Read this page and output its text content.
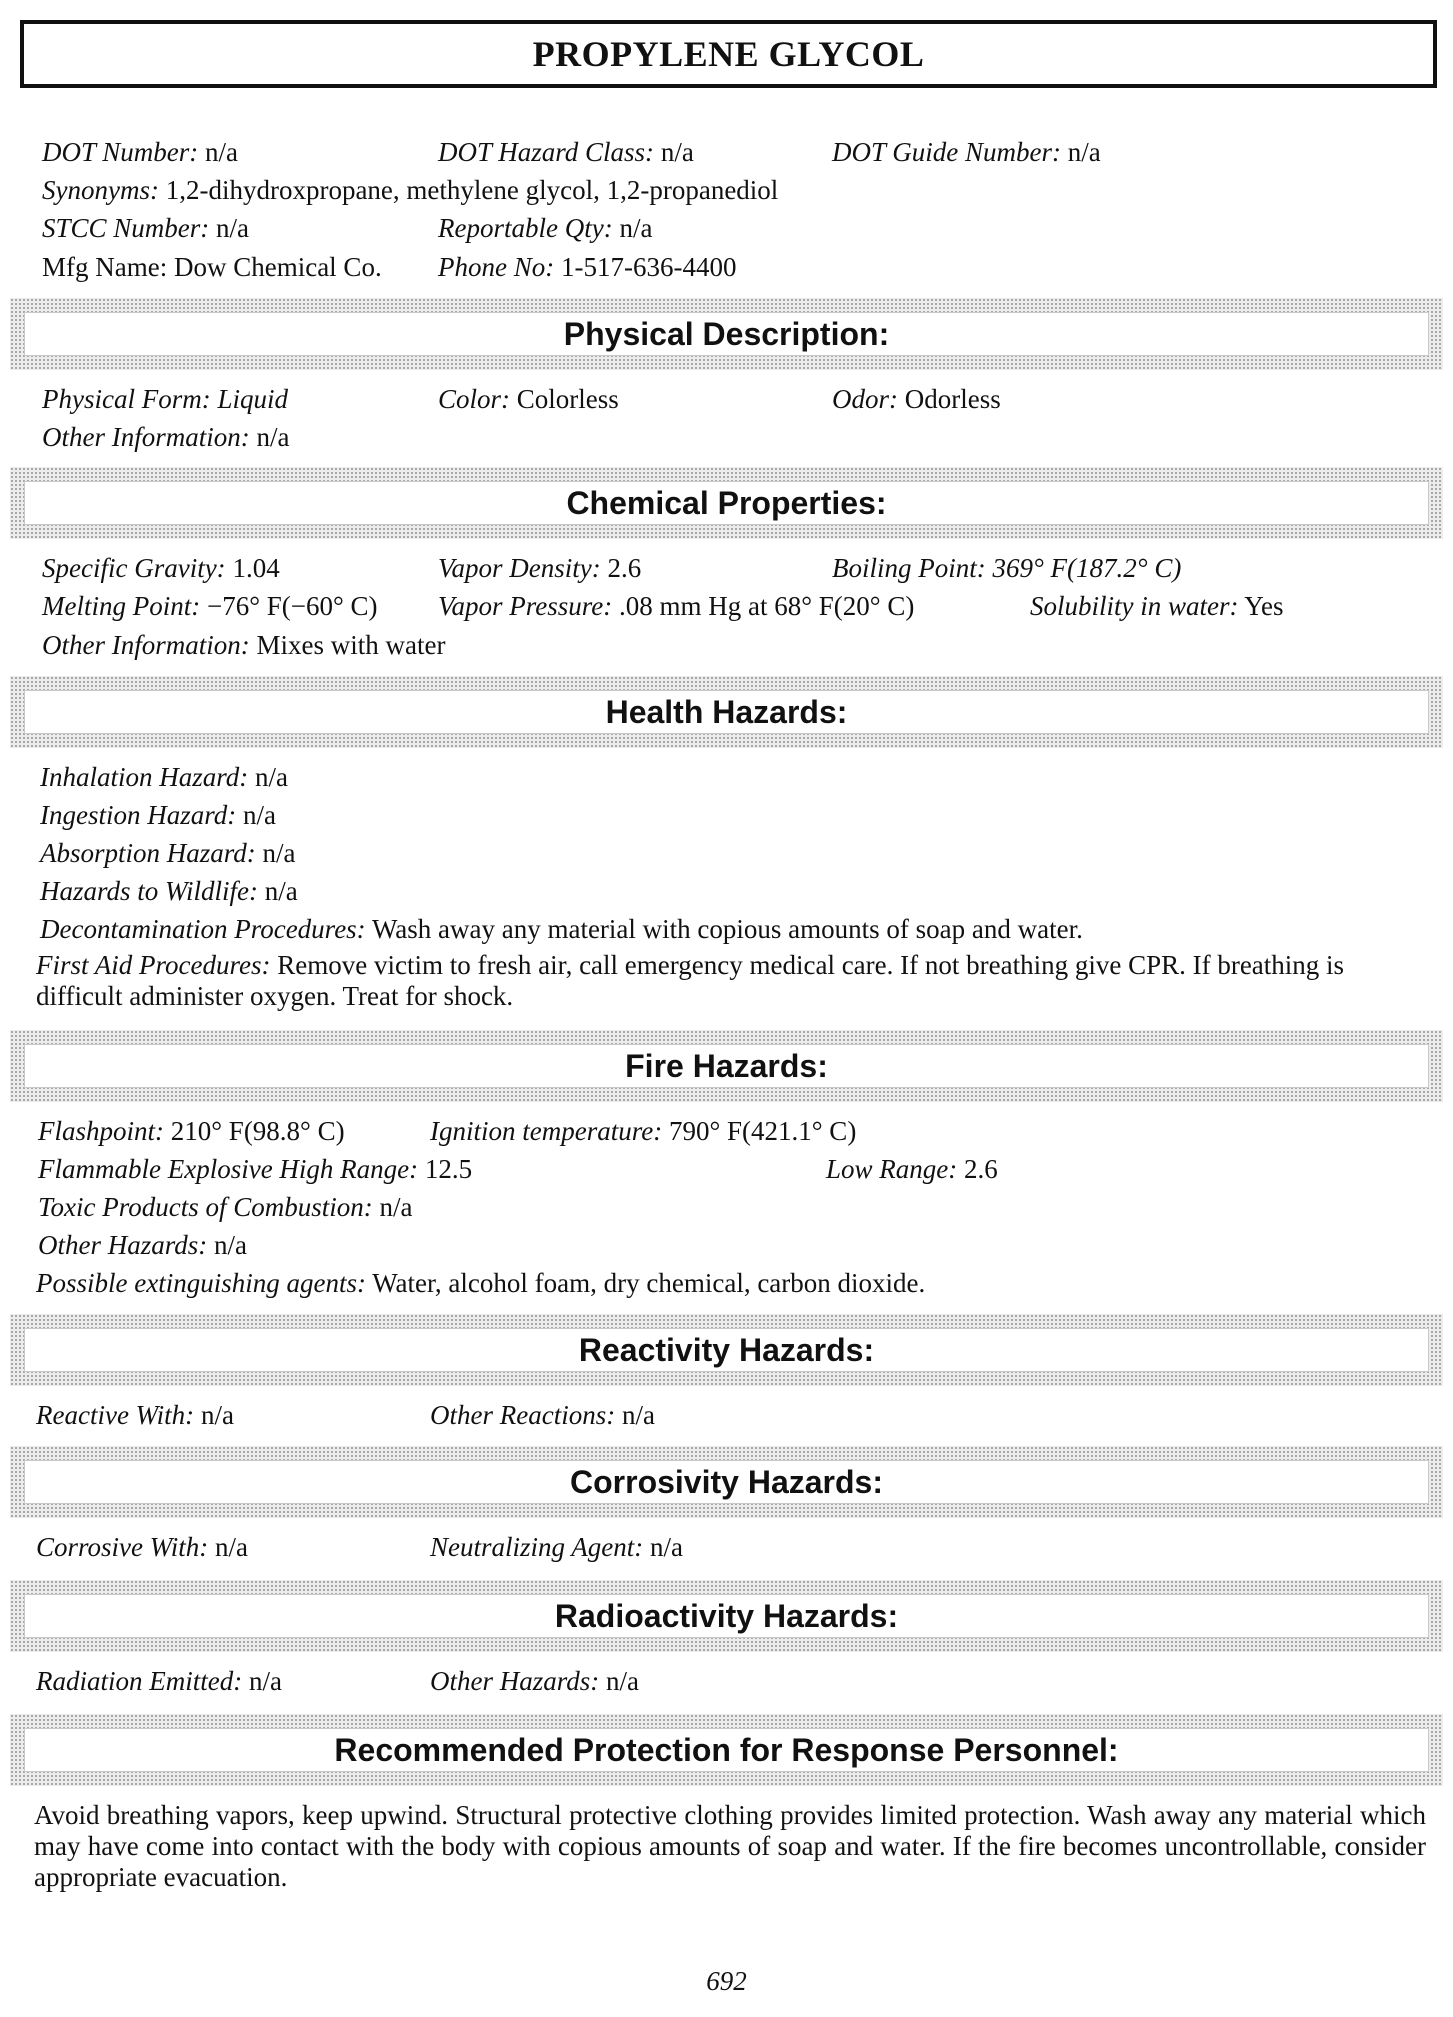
PROPYLENE GLYCOL
DOT Number: n/a	DOT Hazard Class: n/a	DOT Guide Number: n/a
Synonyms: 1,2-dihydroxpropane, methylene glycol, 1,2-propanediol
STCC Number: n/a	Reportable Qty: n/a
Mfg Name: Dow Chemical Co. Phone No: 1-517-636-4400
Physical Description:
Physical Form: Liquid	Color: Colorless	Odor: Odorless
Other Information: n/a
Chemical Properties:
Specific Gravity: 1.04	Vapor Density: 2.6	Boiling Point: 369° F(187.2° C)
Melting Point: −76° F(−60° C) Vapor Pressure: .08 mm Hg at 68° F(20° C)	Solubility in water: Yes
Other Information: Mixes with water
Health Hazards:
Inhalation Hazard: n/a
Ingestion Hazard: n/a
Absorption Hazard: n/a
Hazards to Wildlife: n/a
Decontamination Procedures: Wash away any material with copious amounts of soap and water.
First Aid Procedures: Remove victim to fresh air, call emergency medical care. If not breathing give CPR. If breathing is difficult administer oxygen. Treat for shock.
Fire Hazards:
Flashpoint: 210° F(98.8° C)	Ignition temperature: 790° F(421.1° C)
Flammable Explosive High Range: 12.5	Low Range: 2.6
Toxic Products of Combustion: n/a
Other Hazards: n/a
Possible extinguishing agents: Water, alcohol foam, dry chemical, carbon dioxide.
Reactivity Hazards:
Reactive With: n/a	Other Reactions: n/a
Corrosivity Hazards:
Corrosive With: n/a	Neutralizing Agent: n/a
Radioactivity Hazards:
Radiation Emitted: n/a	Other Hazards: n/a
Recommended Protection for Response Personnel:
Avoid breathing vapors, keep upwind. Structural protective clothing provides limited protection. Wash away any material which may have come into contact with the body with copious amounts of soap and water. If the fire becomes uncontrollable, consider appropriate evacuation.
692
